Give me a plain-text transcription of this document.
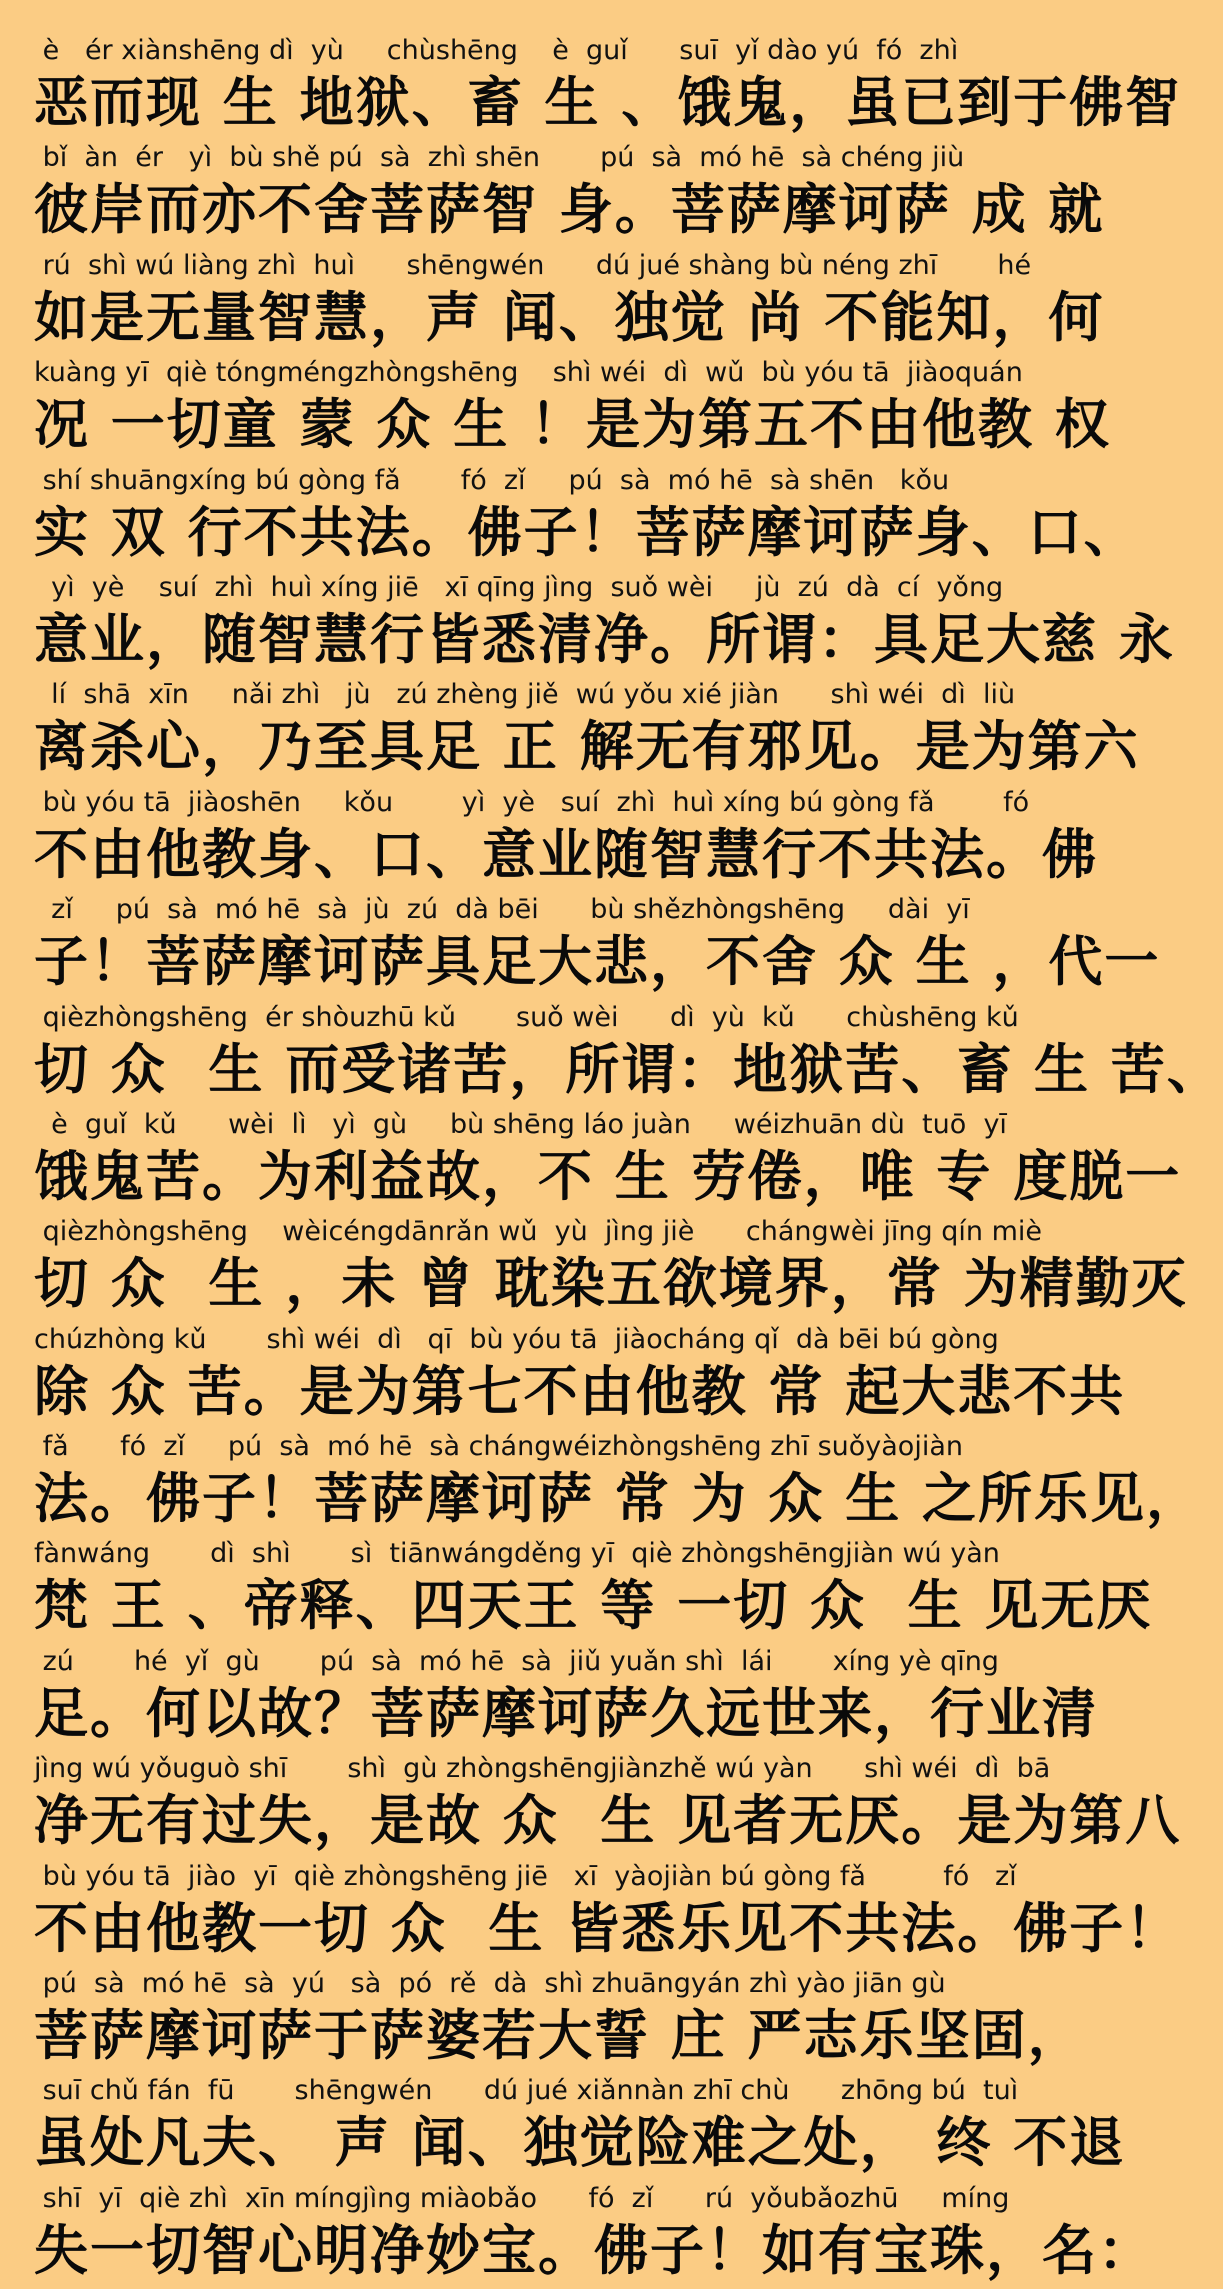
è   ér xiànshēng dì  yù     chùshēng    è  guǐ      suī  yǐ dào yú  fó  zhì
恶而现 生 地狱、畜 生 、饿鬼，虽已到于佛智
bǐ  àn  ér   yì  bù shě pú  sà  zhì shēn       pú  sà  mó hē  sà chéng jiù
彼岸而亦不舍菩萨智 身。菩萨摩诃萨 成 就
rú  shì wú liàng zhì  huì      shēngwén      dú jué shàng bù néng zhī       hé
如是无量智慧，声 闻、独觉 尚 不能知，何
kuàng yī  qiè tóngméngzhòngshēng    shì wéi  dì  wǔ  bù yóu tā  jiàoquán
况 一切童 蒙 众 生 ！是为第五不由他教 权
shí shuāngxíng bú gòng fǎ       fó  zǐ     pú  sà  mó hē  sà shēn   kǒu
实 双 行不共法。佛子！菩萨摩诃萨身、口、
yì  yè    suí  zhì  huì xíng jiē   xī qīng jìng  suǒ wèi     jù  zú  dà  cí  yǒng
意业，随智慧行皆悉清净。所谓：具足大慈 永
lí  shā  xīn     nǎi zhì   jù   zú zhèng jiě  wú yǒu xié jiàn      shì wéi  dì  liù
离杀心，乃至具足 正 解无有邪见。是为第六
bù yóu tā  jiàoshēn     kǒu        yì  yè   suí  zhì  huì xíng bú gòng fǎ        fó
不由他教身、口、意业随智慧行不共法。佛
zǐ     pú  sà  mó hē  sà  jù  zú  dà bēi      bù shězhòngshēng     dài  yī
子！菩萨摩诃萨具足大悲，不舍 众 生 ，代一
qièzhòngshēng  ér shòuzhū kǔ       suǒ wèi      dì  yù  kǔ      chùshēng kǔ
切 众  生 而受诸苦，所谓：地狱苦、畜 生 苦、
è  guǐ  kǔ      wèi  lì   yì  gù     bù shēng láo juàn     wéizhuān dù  tuō  yī
饿鬼苦。为利益故，不 生 劳倦，唯 专 度脱一
qièzhòngshēng    wèicéngdānrǎn wǔ  yù  jìng jiè      chángwèi jīng qín miè
切 众  生 ，未 曾 耽染五欲境界，常 为精勤灭
chúzhòng kǔ       shì wéi  dì   qī  bù yóu tā  jiàocháng qǐ  dà bēi bú gòng
除 众 苦。是为第七不由他教 常 起大悲不共
fǎ      fó  zǐ     pú  sà  mó hē  sà chángwéizhòngshēng zhī suǒyàojiàn
法。佛子！菩萨摩诃萨 常 为 众 生 之所乐见，
fànwáng       dì  shì       sì  tiānwángděng yī  qiè zhòngshēngjiàn wú yàn
梵 王 、帝释、四天王 等 一切 众  生 见无厌
zú       hé  yǐ  gù       pú  sà  mó hē  sà  jiǔ yuǎn shì  lái       xíng yè qīng
足。何以故？菩萨摩诃萨久远世来，行业清
jìng wú yǒuguò shī       shì  gù zhòngshēngjiànzhě wú yàn      shì wéi  dì  bā
净无有过失，是故 众  生 见者无厌。是为第八
bù yóu tā  jiào  yī  qiè zhòngshēng jiē   xī  yàojiàn bú gòng fǎ         fó   zǐ
不由他教一切 众  生 皆悉乐见不共法。佛子！
pú  sà  mó hē  sà  yú   sà  pó  rě  dà  shì zhuāngyán zhì yào jiān gù
菩萨摩诃萨于萨婆若大誓 庄 严志乐坚固，
suī chǔ fán  fū       shēngwén      dú jué xiǎnnàn zhī chù      zhōng bú  tuì
虽处凡夫、 声 闻、独觉险难之处， 终 不退
shī  yī  qiè zhì  xīn míngjìng miàobǎo      fó  zǐ      rú  yǒubǎozhū     míng
失一切智心明净妙宝。佛子！如有宝珠，名：
